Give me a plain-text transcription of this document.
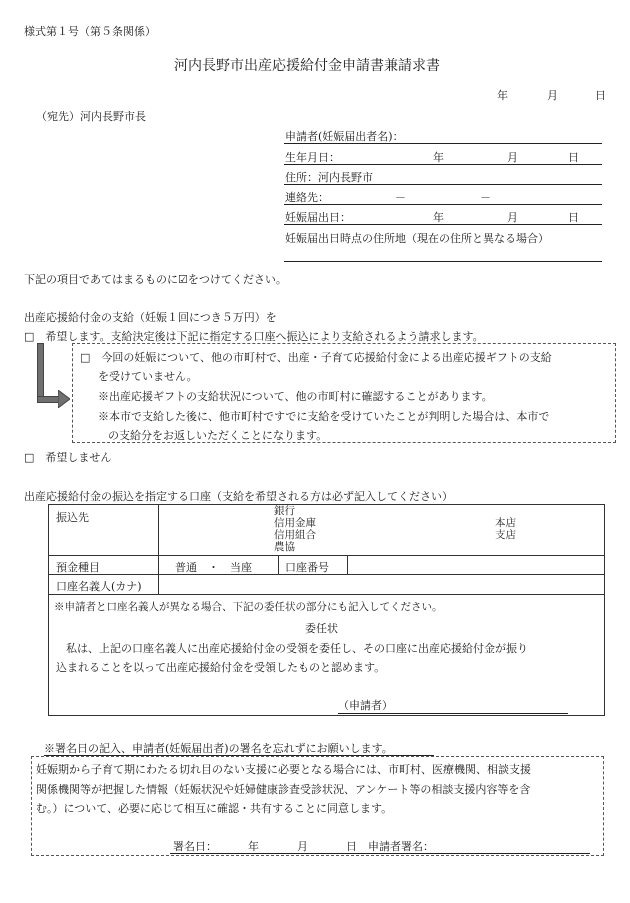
様式第１号（第５条関係）
河内長野市出産応援給付金申請書兼請求書
年	月	日
（宛先）河内長野市長
申請者(妊娠届出者名)：
生年月日：	年	月	日
住所：河内長野市
連絡先：	－	－
妊娠届出日：	年	月	日
妊娠届出日時点の住所地（現在の住所と異なる場合）
下記の項目であてはまるものに☑をつけてください。
出産応援給付金の支給（妊娠１回につき５万円）を
□　希望します。支給決定後は下記に指定する口座へ振込により支給されるよう請求します。
□　今回の妊娠について、他の市町村で、出産・子育て応援給付金による出産応援ギフトの支給
を受けていません。
※出産応援ギフトの支給状況について、他の市町村に確認することがあります。
※本市で支給した後に、他市町村ですでに支給を受けていたことが判明した場合は、本市で
の支給分をお返しいただくことになります。
□　希望しません
出産応援給付金の振込を指定する口座（支給を希望される方は必ず記入してください）
振込先	銀行
信用金庫
信用組合
農協
本店
支店
預金種目	普通　・　当座	口座番号
口座名義人(カナ)
※申請者と口座名義人が異なる場合、下記の委任状の部分にも記入してください。
委任状
私は、上記の口座名義人に出産応援給付金の受領を委任し、その口座に出産応援給付金が振り
込まれることを以って出産応援給付金を受領したものと認めます。
（申請者）
※署名日の記入、申請者(妊娠届出者)の署名を忘れずにお願いします。
妊娠期から子育て期にわたる切れ目のない支援に必要となる場合には、市町村、医療機関、相談支援
関係機関等が把握した情報（妊娠状況や妊婦健康診査受診状況、アンケート等の相談支援内容等を含
む。）について、必要に応じて相互に確認・共有することに同意します。
署名日：	年	月	日 申請者署名：
